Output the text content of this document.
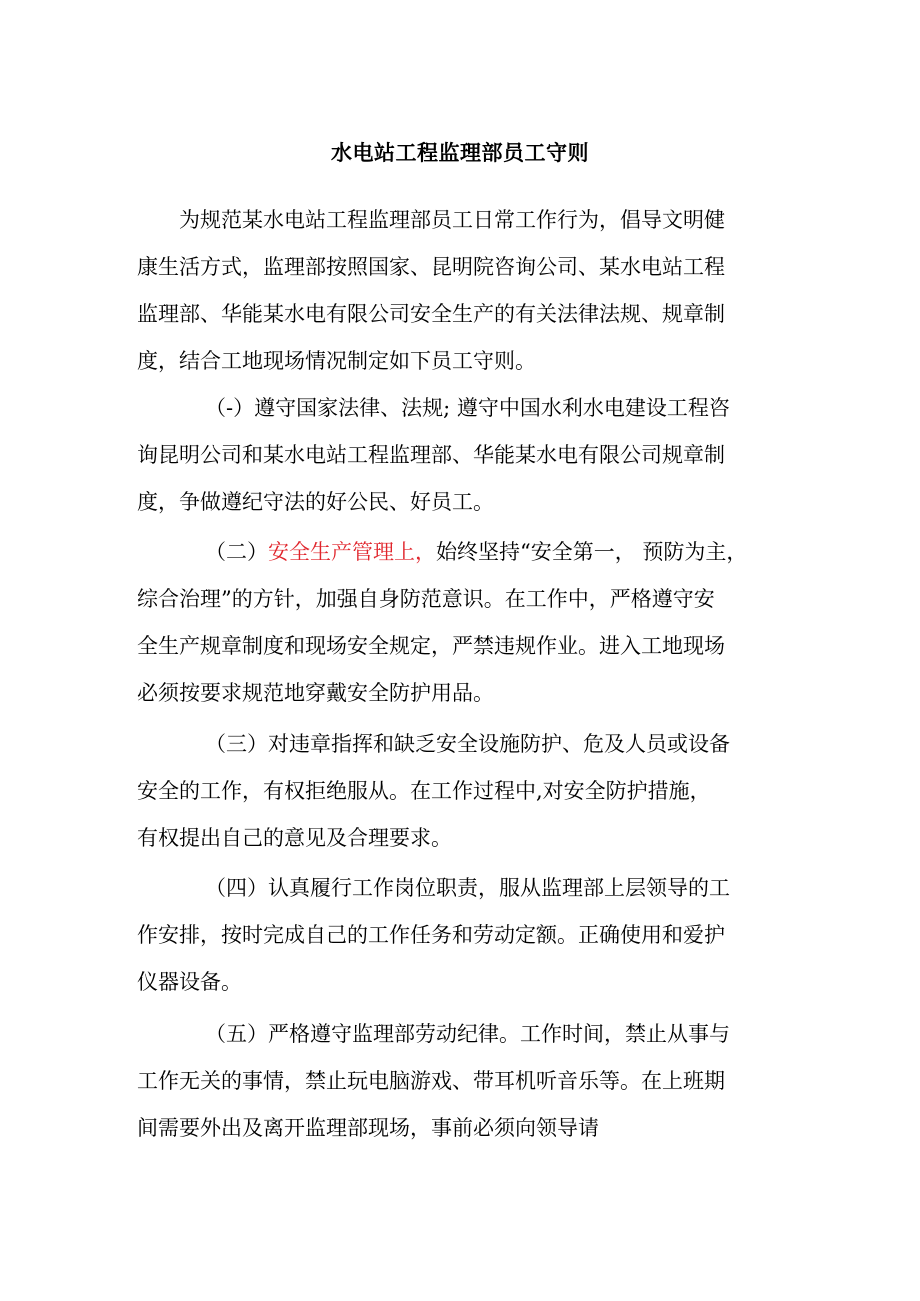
水电站工程监理部员工守则
为规范某水电站工程监理部员工日常工作行为，倡导文明健
康生活方式，监理部按照国家、昆明院咨询公司、某水电站工程
监理部、华能某水电有限公司安全生产的有关法律法规、规章制
度，结合工地现场情况制定如下员工守则。
（-）遵守国家法律、法规; 遵守中国水利水电建设工程咨
询昆明公司和某水电站工程监理部、华能某水电有限公司规章制
度，争做遵纪守法的好公民、好员工。
（二）安全生产管理上，始终坚持“安全第一， 预防为主，
综合治理”的方针，加强自身防范意识。在工作中，严格遵守安
全生产规章制度和现场安全规定，严禁违规作业。进入工地现场
必须按要求规范地穿戴安全防护用品。
（三）对违章指挥和缺乏安全设施防护、危及人员或设备
安全的工作，有权拒绝服从。在工作过程中,对安全防护措施，
有权提出自己的意见及合理要求。
（四）认真履行工作岗位职责，服从监理部上层领导的工
作安排，按时完成自己的工作任务和劳动定额。正确使用和爱护
仪器设备。
（五）严格遵守监理部劳动纪律。工作时间，禁止从事与
工作无关的事情，禁止玩电脑游戏、带耳机听音乐等。在上班期
间需要外出及离开监理部现场，事前必须向领导请
